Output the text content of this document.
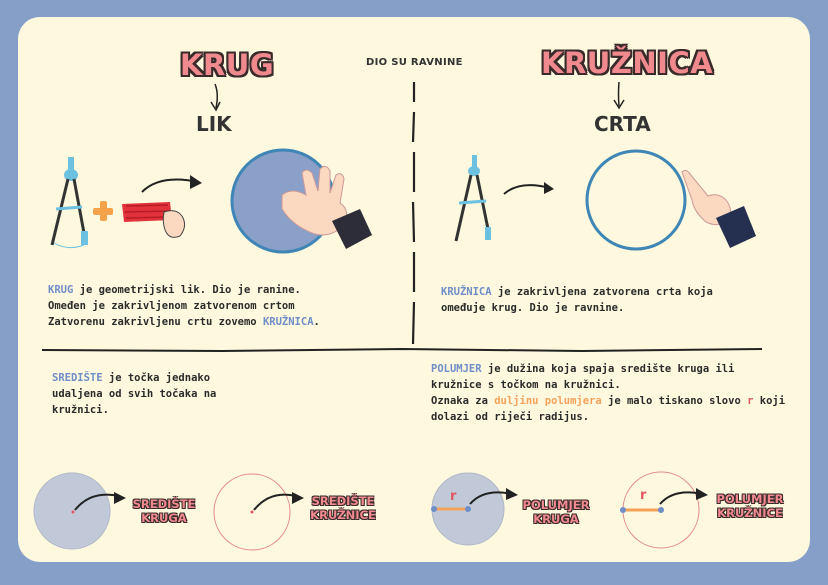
KRUG	DIO SU RAVNINE	KRUŽNICA
LIK	CRTA
KRUG je geometrijski lik. Dio je ranine.
Omeđen je zakrivljenom zatvorenom crtom
Zatvorenu zakrivljenu crtu zovemo KRUŽNICA.
KRUŽNICA je zakrivljena zatvorena crta koja
omeđuje krug. Dio je ravnine.
SREDIŠTE je točka jednako
udaljena od svih točaka na
kružnici.
POLUMJER je dužina koja spaja središte kruga ili
kružnice s točkom na kružnici.
Oznaka za duljinu polumjera je malo tiskano slovo r koji
dolazi od riječi radijus.
SREDIŠTE
KRUGA
SREDIŠTE
KRUŽNICE
r
POLUMJER
KRUGA
r	POLUMJER
KRUŽNICE
